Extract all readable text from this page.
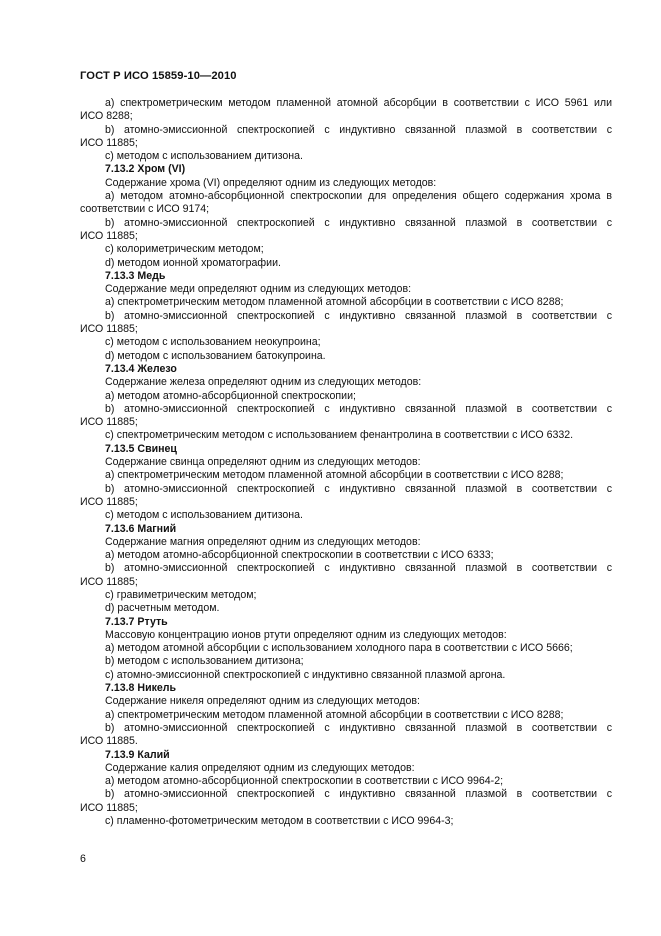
ГОСТ Р ИСО 15859-10—2010

а) спектрометрическим методом пламенной атомной абсорбции в соответствии с ИСО 5961 или

ИСО 8288;

b) атомно-эмиссионной спектроскопией с индуктивно связанной плазмой в соответствии с

ИСО 11885;

с) методом с использованием дитизона.

7.13.2 Хром (VI)

Содержание хрома (VI) определяют одним из следующих методов:

а) методом атомно-абсорбционной спектроскопии для определения общего содержания хрома в

соответствии с ИСО 9174;

b) атомно-эмиссионной спектроскопией с индуктивно связанной плазмой в соответствии с

ИСО 11885;

с) колориметрическим методом;

d) методом ионной хроматографии.

7.13.3 Медь

Содержание меди определяют одним из следующих методов:

а) спектрометрическим методом пламенной атомной абсорбции в соответствии с ИСО 8288;

b) атомно-эмиссионной спектроскопией с индуктивно связанной плазмой в соответствии с

ИСО 11885;

с) методом с использованием неокупроина;

d) методом с использованием батокупроина.

7.13.4 Железо

Содержание железа определяют одним из следующих методов:

а) методом атомно-абсорбционной спектроскопии;

b) атомно-эмиссионной спектроскопией с индуктивно связанной плазмой в соответствии с

ИСО 11885;

с) спектрометрическим методом с использованием фенантролина в соответствии с ИСО 6332.

7.13.5 Свинец

Содержание свинца определяют одним из следующих методов:

а) спектрометрическим методом пламенной атомной абсорбции в соответствии с ИСО 8288;

b) атомно-эмиссионной спектроскопией с индуктивно связанной плазмой в соответствии с

ИСО 11885;

с) методом с использованием дитизона.

7.13.6 Магний

Содержание магния определяют одним из следующих методов:

а) методом атомно-абсорбционной спектроскопии в соответствии с ИСО 6333;

b) атомно-эмиссионной спектроскопией с индуктивно связанной плазмой в соответствии с

ИСО 11885;

с) гравиметрическим методом;

d) расчетным методом.

7.13.7 Ртуть

Массовую концентрацию ионов ртути определяют одним из следующих методов:

а) методом атомной абсорбции с использованием холодного пара в соответствии с ИСО 5666;

b) методом с использованием дитизона;

с) атомно-эмиссионной спектроскопией с индуктивно связанной плазмой аргона.

7.13.8 Никель

Содержание никеля определяют одним из следующих методов:

а) спектрометрическим методом пламенной атомной абсорбции в соответствии с ИСО 8288;

b) атомно-эмиссионной спектроскопией с индуктивно связанной плазмой в соответствии с

ИСО 11885.

7.13.9 Калий

Содержание калия определяют одним из следующих методов:

а) методом атомно-абсорбционной спектроскопии в соответствии с ИСО 9964-2;

b) атомно-эмиссионной спектроскопией с индуктивно связанной плазмой в соответствии с

ИСО 11885;

с) пламенно-фотометрическим методом в соответствии с ИСО 9964-3;

6
